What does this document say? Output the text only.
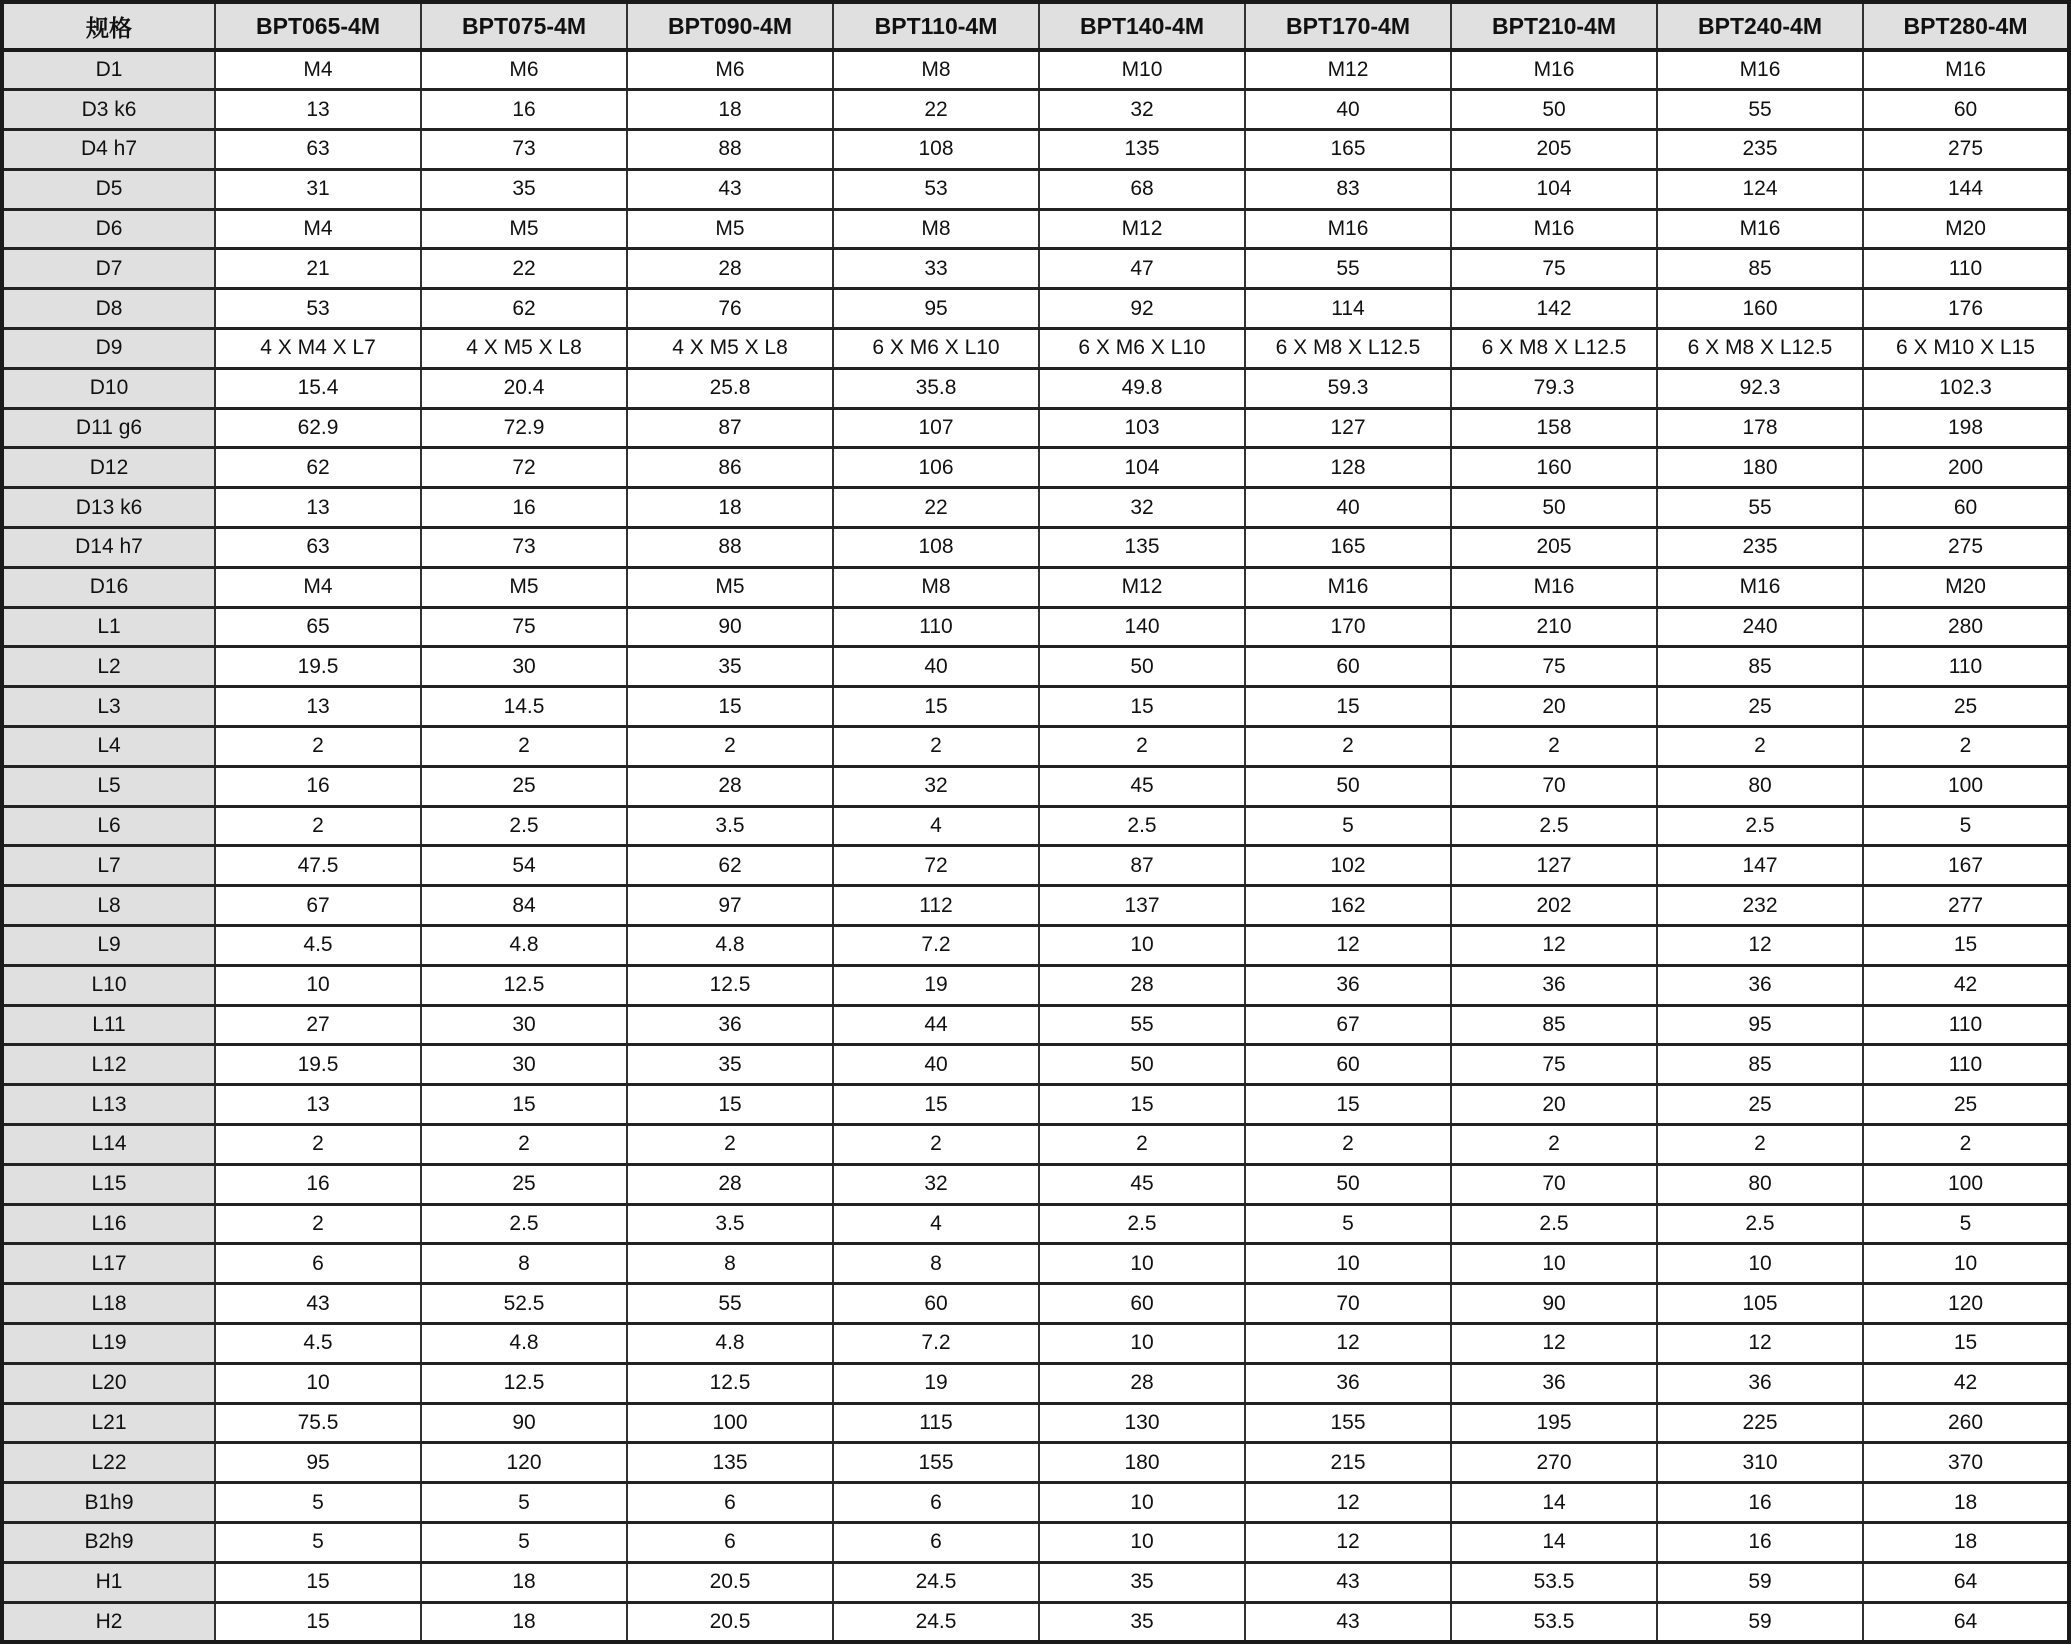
规格	BPT065-4M	BPT075-4M	BPT090-4M	BPT110-4M	BPT140-4M	BPT170-4M	BPT210-4M	BPT240-4M	BPT280-4M
D1	M4	M6	M6	M8	M10	M12	M16	M16	M16
D3 k6	13	16	18	22	32	40	50	55	60
D4 h7	63	73	88	108	135	165	205	235	275
D5	31	35	43	53	68	83	104	124	144
D6	M4	M5	M5	M8	M12	M16	M16	M16	M20
D7	21	22	28	33	47	55	75	85	110
D8	53	62	76	95	92	114	142	160	176
D9	4 X M4 X L7	4 X M5 X L8	4 X M5 X L8	6 X M6 X L10	6 X M6 X L10	6 X M8 X L12.5	6 X M8 X L12.5	6 X M8 X L12.5	6 X M10 X L15
D10	15.4	20.4	25.8	35.8	49.8	59.3	79.3	92.3	102.3
D11 g6	62.9	72.9	87	107	103	127	158	178	198
D12	62	72	86	106	104	128	160	180	200
D13 k6	13	16	18	22	32	40	50	55	60
D14 h7	63	73	88	108	135	165	205	235	275
D16	M4	M5	M5	M8	M12	M16	M16	M16	M20
L1	65	75	90	110	140	170	210	240	280
L2	19.5	30	35	40	50	60	75	85	110
L3	13	14.5	15	15	15	15	20	25	25
L4	2	2	2	2	2	2	2	2	2
L5	16	25	28	32	45	50	70	80	100
L6	2	2.5	3.5	4	2.5	5	2.5	2.5	5
L7	47.5	54	62	72	87	102	127	147	167
L8	67	84	97	112	137	162	202	232	277
L9	4.5	4.8	4.8	7.2	10	12	12	12	15
L10	10	12.5	12.5	19	28	36	36	36	42
L11	27	30	36	44	55	67	85	95	110
L12	19.5	30	35	40	50	60	75	85	110
L13	13	15	15	15	15	15	20	25	25
L14	2	2	2	2	2	2	2	2	2
L15	16	25	28	32	45	50	70	80	100
L16	2	2.5	3.5	4	2.5	5	2.5	2.5	5
L17	6	8	8	8	10	10	10	10	10
L18	43	52.5	55	60	60	70	90	105	120
L19	4.5	4.8	4.8	7.2	10	12	12	12	15
L20	10	12.5	12.5	19	28	36	36	36	42
L21	75.5	90	100	115	130	155	195	225	260
L22	95	120	135	155	180	215	270	310	370
B1h9	5	5	6	6	10	12	14	16	18
B2h9	5	5	6	6	10	12	14	16	18
H1	15	18	20.5	24.5	35	43	53.5	59	64
H2	15	18	20.5	24.5	35	43	53.5	59	64
